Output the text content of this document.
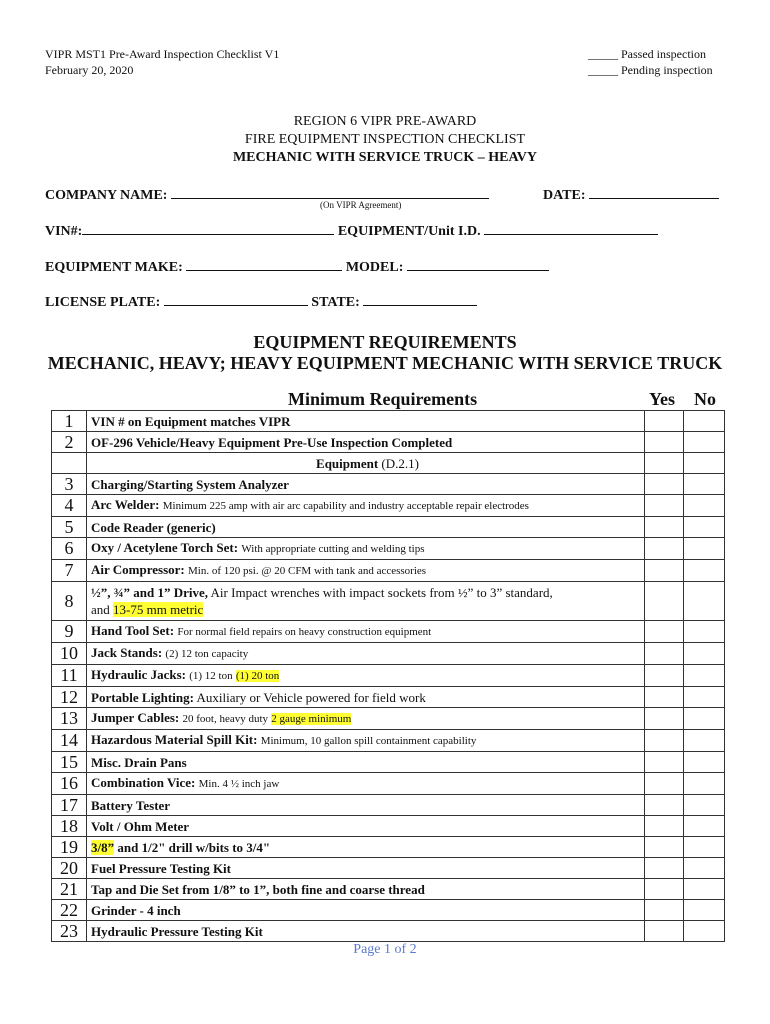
VIPR MST1 Pre-Award Inspection Checklist V1
February 20, 2020
_____ Passed inspection
_____ Pending inspection
REGION 6 VIPR PRE-AWARD
FIRE EQUIPMENT INSPECTION CHECKLIST
MECHANIC WITH SERVICE TRUCK – HEAVY
COMPANY NAME:
(On VIPR Agreement)
DATE:
VIN#:	EQUIPMENT/Unit I.D.
EQUIPMENT MAKE:	MODEL:
LICENSE PLATE:	STATE:
EQUIPMENT REQUIREMENTS
MECHANIC, HEAVY; HEAVY EQUIPMENT MECHANIC WITH SERVICE TRUCK
Minimum Requirements	Yes No
1	VIN # on Equipment matches VIPR		
2	OF-296 Vehicle/Heavy Equipment Pre-Use Inspection Completed		
	Equipment (D.2.1)		
3	Charging/Starting System Analyzer		
4	Arc Welder: Minimum 225 amp with air arc capability and industry acceptable repair electrodes		
5	Code Reader (generic)		
6	Oxy / Acetylene Torch Set: With appropriate cutting and welding tips		
7	Air Compressor: Min. of 120 psi. @ 20 CFM with tank and accessories		
8	½”, ¾” and 1” Drive, Air Impact wrenches with impact sockets from ½” to 3” standard,
and 13-75 mm metric		
9	Hand Tool Set: For normal field repairs on heavy construction equipment		
10	Jack Stands: (2) 12 ton capacity		
11	Hydraulic Jacks: (1) 12 ton (1) 20 ton		
12	Portable Lighting: Auxiliary or Vehicle powered for field work		
13	Jumper Cables: 20 foot, heavy duty 2 gauge minimum		
14	Hazardous Material Spill Kit: Minimum, 10 gallon spill containment capability		
15	Misc. Drain Pans		
16	Combination Vice: Min. 4 ½ inch jaw		
17	Battery Tester		
18	Volt / Ohm Meter		
19	3/8” and 1/2" drill w/bits to 3/4"		
20	Fuel Pressure Testing Kit		
21	Tap and Die Set from 1/8” to 1”, both fine and coarse thread		
22	Grinder - 4 inch		
23	Hydraulic Pressure Testing Kit		
Page 1 of 2
